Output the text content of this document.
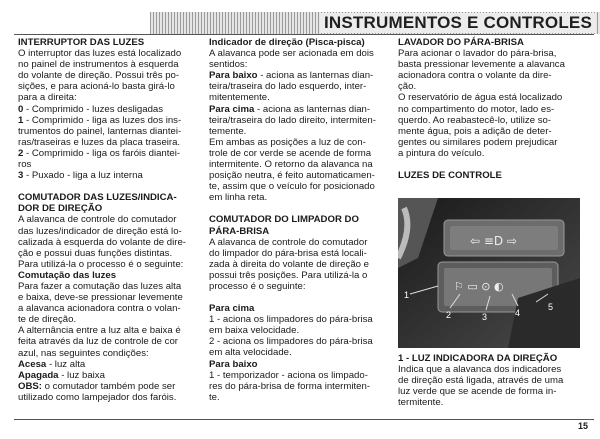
INSTRUMENTOS E CONTROLES

INTERRUPTOR DAS LUZES

O interruptor das luzes está localizado

no painel de instrumentos à esquerda

do volante de direção. Possui três po-

sições, e para acioná-lo basta girá-lo

para a direita:

0 - Comprimido - luzes desligadas

1 - Comprimido - liga as luzes dos ins-

trumentos do painel, lanternas diantei-

ras/traseiras e luzes da placa traseira.

2 - Comprimido - liga os faróis diantei-

ros

3 - Puxado - liga a luz interna

COMUTADOR DAS LUZES/INDICA-

DOR DE DIREÇÃO

A alavanca de controle do comutador

das luzes/indicador de direção está lo-

calizada à esquerda do volante de dire-

ção e possui duas funções distintas.

Para utilizá-la o processo é o seguinte:

Comutação das luzes

Para fazer a comutação das luzes alta

e baixa, deve-se pressionar levemente

a alavanca acionadora contra o volan-

te de direção.

A alternância entre a luz alta e baixa é

feita através da luz de controle de cor

azul, nas seguintes condições:

Acesa - luz alta

Apagada - luz baixa

OBS: o comutador também pode ser

utilizado como lampejador dos faróis.

Indicador de direção (Pisca-pisca)

A alavanca pode ser acionada em dois

sentidos:

Para baixo - aciona as lanternas dian-

teira/traseira do lado esquerdo, inter-

mitentemente.

Para cima - aciona as lanternas dian-

teira/traseira do lado direito, intermiten-

temente.

Em ambas as posições a luz de con-

trole de cor verde se acende de forma

intermitente. O retorno da alavanca na

posição neutra, é feito automaticamen-

te, assim que o veículo for posicionado

em linha reta.

COMUTADOR DO LIMPADOR DO

PÁRA-BRISA

A alavanca de controle do comutador

do limpador do pára-brisa está locali-

zada à direita do volante de direção e

possui três posições. Para utilizá-la o

processo é o seguinte:

Para cima

1 - aciona os limpadores do pára-brisa

em baixa velocidade.

2 - aciona os limpadores do pára-brisa

em alta velocidade.

Para baixo

1 - temporizador - aciona os limpado-

res do pára-brisa de forma intermiten-

te.

LAVADOR DO PÁRA-BRISA

Para acionar o lavador do pára-brisa,

basta pressionar levemente a alavanca

acionadora contra o volante da dire-

ção.

O reservatório de água está localizado

no compartimento do motor, lado es-

querdo. Ao reabastecê-lo, utilize so-

mente água, pois a adição de deter-

gentes ou similares podem prejudicar

a pintura do veículo.

LUZES DE CONTROLE

⇦ ≡D ⇨
⚐ ▭ ⊙ ◐
1
2	3	4
5

1 - LUZ INDICADORA DA DIREÇÃO

Indica que a alavanca dos indicadores

de direção está ligada, através de uma

luz verde que se acende de forma in-

termitente.

15
